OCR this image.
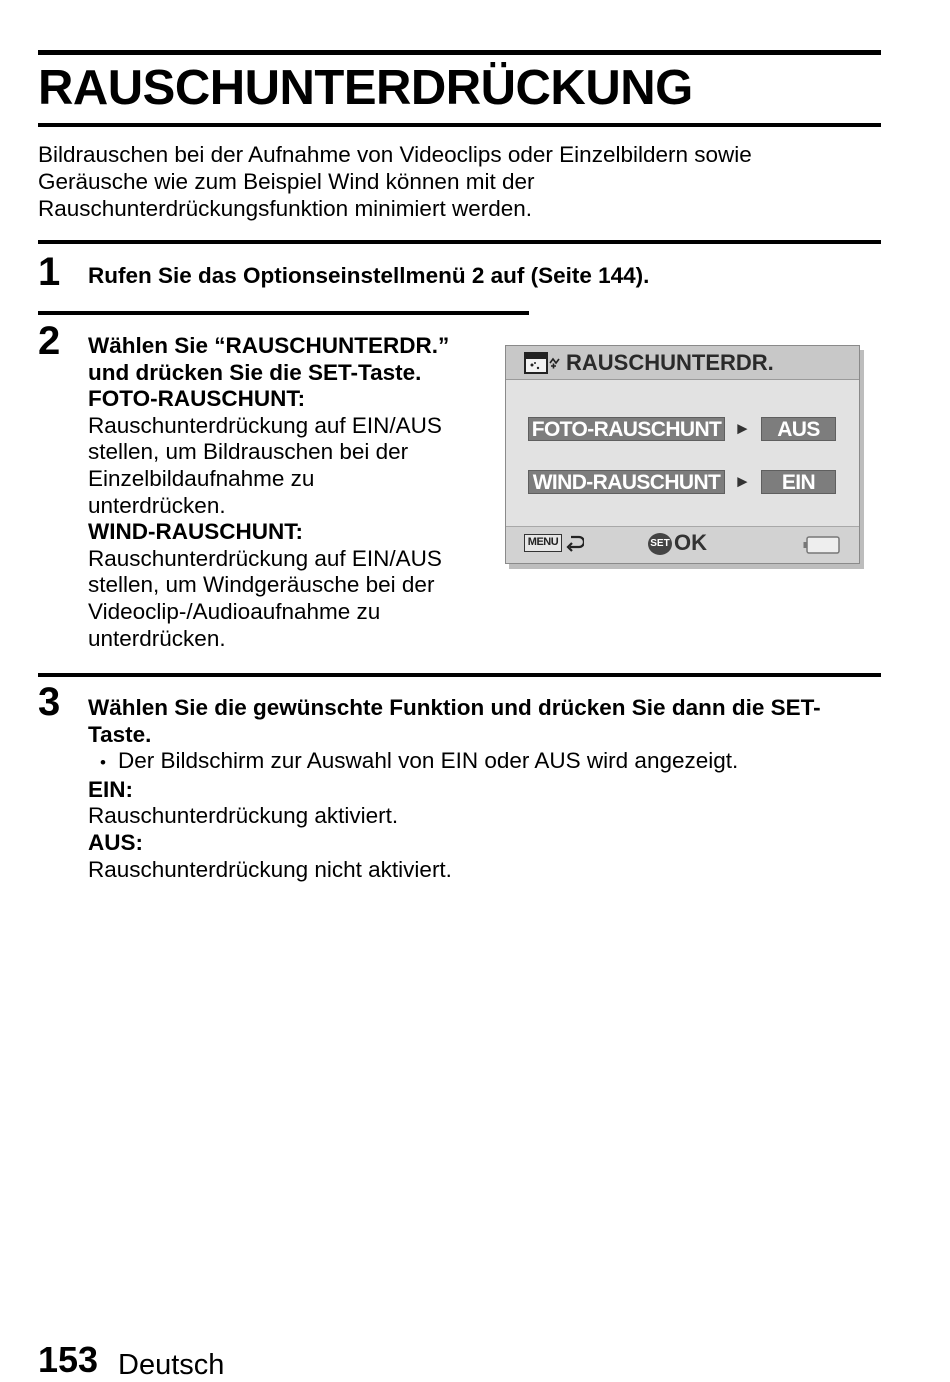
RAUSCHUNTERDRÜCKUNG
Bildrauschen bei der Aufnahme von Videoclips oder Einzelbildern sowie
Geräusche wie zum Beispiel Wind können mit der
Rauschunterdrückungsfunktion minimiert werden.
1 Rufen Sie das Optionseinstellmenü 2 auf (Seite 144).
2 Wählen Sie “RAUSCHUNTERDR.”
und drücken Sie die SET-Taste.
FOTO-RAUSCHUNT:
Rauschunterdrückung auf EIN/AUS
stellen, um Bildrauschen bei der
Einzelbildaufnahme zu
unterdrücken.
WIND-RAUSCHUNT:
Rauschunterdrückung auf EIN/AUS
stellen, um Windgeräusche bei der
Videoclip-/Audioaufnahme zu
unterdrücken.
RAUSCHUNTERDR.
FOTO-RAUSCHUNT ►	AUS
WIND-RAUSCHUNT ►	EIN
MENU	SET OK
3 Wählen Sie die gewünschte Funktion und drücken Sie dann die SET-
Taste.
• Der Bildschirm zur Auswahl von EIN oder AUS wird angezeigt.
EIN:
Rauschunterdrückung aktiviert.
AUS:
Rauschunterdrückung nicht aktiviert.
153 Deutsch
